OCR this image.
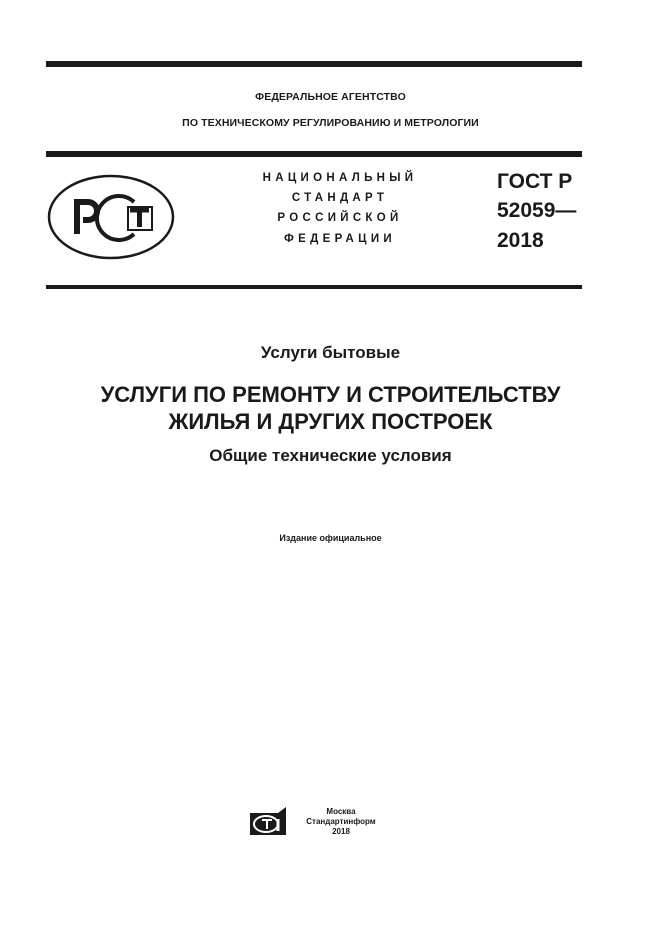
ФЕДЕРАЛЬНОЕ АГЕНТСТВО
ПО ТЕХНИЧЕСКОМУ РЕГУЛИРОВАНИЮ И МЕТРОЛОГИИ
НАЦИОНАЛЬНЫЙ
СТАНДАРТ
РОССИЙСКОЙ
ФЕДЕРАЦИИ
ГОСТ Р
52059—
2018
Услуги бытовые
УСЛУГИ ПО РЕМОНТУ И СТРОИТЕЛЬСТВУ
ЖИЛЬЯ И ДРУГИХ ПОСТРОЕК
Общие технические условия
Издание официальное
Москва
Стандартинформ
2018
